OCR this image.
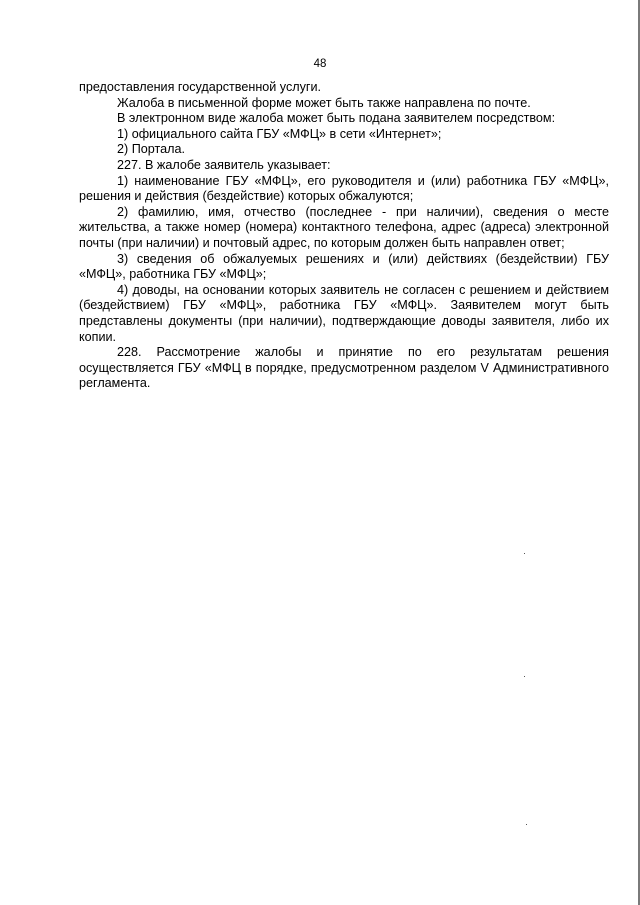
48

предоставления государственной услуги.

Жалоба в письменной форме может быть также направлена по почте.

В электронном виде жалоба может быть подана заявителем посредством:

1) официального сайта ГБУ «МФЦ» в сети «Интернет»;

2) Портала.

227. В жалобе заявитель указывает:

1) наименование ГБУ «МФЦ», его руководителя и (или) работника ГБУ «МФЦ», решения и действия (бездействие) которых обжалуются;

2) фамилию, имя, отчество (последнее - при наличии), сведения о месте жительства, а также номер (номера) контактного телефона, адрес (адреса) электронной почты (при наличии) и почтовый адрес, по которым должен быть направлен ответ;

3) сведения об обжалуемых решениях и (или) действиях (бездействии) ГБУ «МФЦ», работника ГБУ «МФЦ»;

4) доводы, на основании которых заявитель не согласен с решением и действием (бездействием) ГБУ «МФЦ», работника ГБУ «МФЦ». Заявителем могут быть представлены документы (при наличии), подтверждающие доводы заявителя, либо их копии.

228. Рассмотрение жалобы и принятие по его результатам решения осуществляется ГБУ «МФЦ в порядке, предусмотренном разделом V Административного регламента.
